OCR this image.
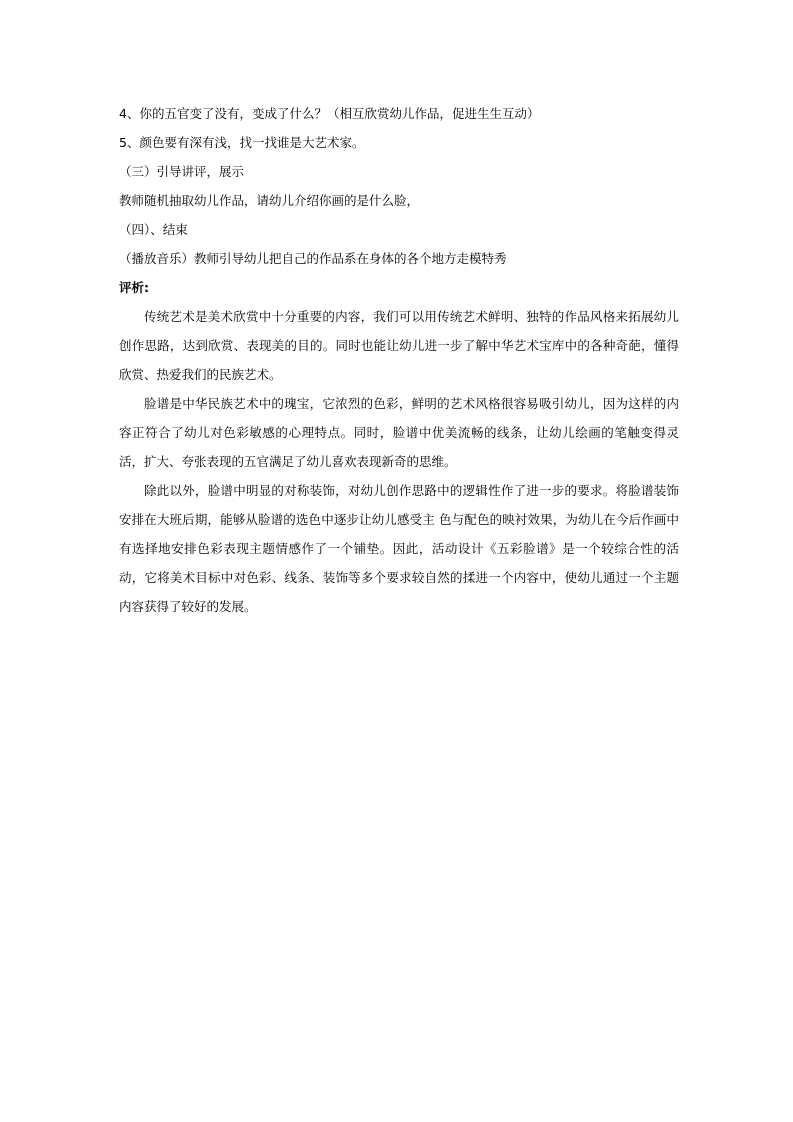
4、你的五官变了没有，变成了什么？（相互欣赏幼儿作品，促进生生互动）
5、颜色要有深有浅，找一找谁是大艺术家。
（三）引导讲评，展示
教师随机抽取幼儿作品，请幼儿介绍你画的是什么脸，
（四）、结束
（播放音乐）教师引导幼儿把自己的作品系在身体的各个地方走模特秀
评析:

传统艺术是美术欣赏中十分重要的内容，我们可以用传统艺术鲜明、独特的作品风格来拓展幼儿创作思路，达到欣赏、表现美的目的。同时也能让幼儿进一步了解中华艺术宝库中的各种奇葩，懂得欣赏、热爱我们的民族艺术。

脸谱是中华民族艺术中的瑰宝，它浓烈的色彩，鲜明的艺术风格很容易吸引幼儿，因为这样的内容正符合了幼儿对色彩敏感的心理特点。同时，脸谱中优美流畅的线条，让幼儿绘画的笔触变得灵活，扩大、夸张表现的五官满足了幼儿喜欢表现新奇的思维。

除此以外，脸谱中明显的对称装饰，对幼儿创作思路中的逻辑性作了进一步的要求。将脸谱装饰安排在大班后期，能够从脸谱的选色中逐步让幼儿感受主 色与配色的映衬效果，为幼儿在今后作画中有选择地安排色彩表现主题情感作了一个铺垫。因此，活动设计《五彩脸谱》是一个较综合性的活动，它将美术目标中对色彩、线条、装饰等多个要求较自然的揉进一个内容中，使幼儿通过一个主题内容获得了较好的发展。
